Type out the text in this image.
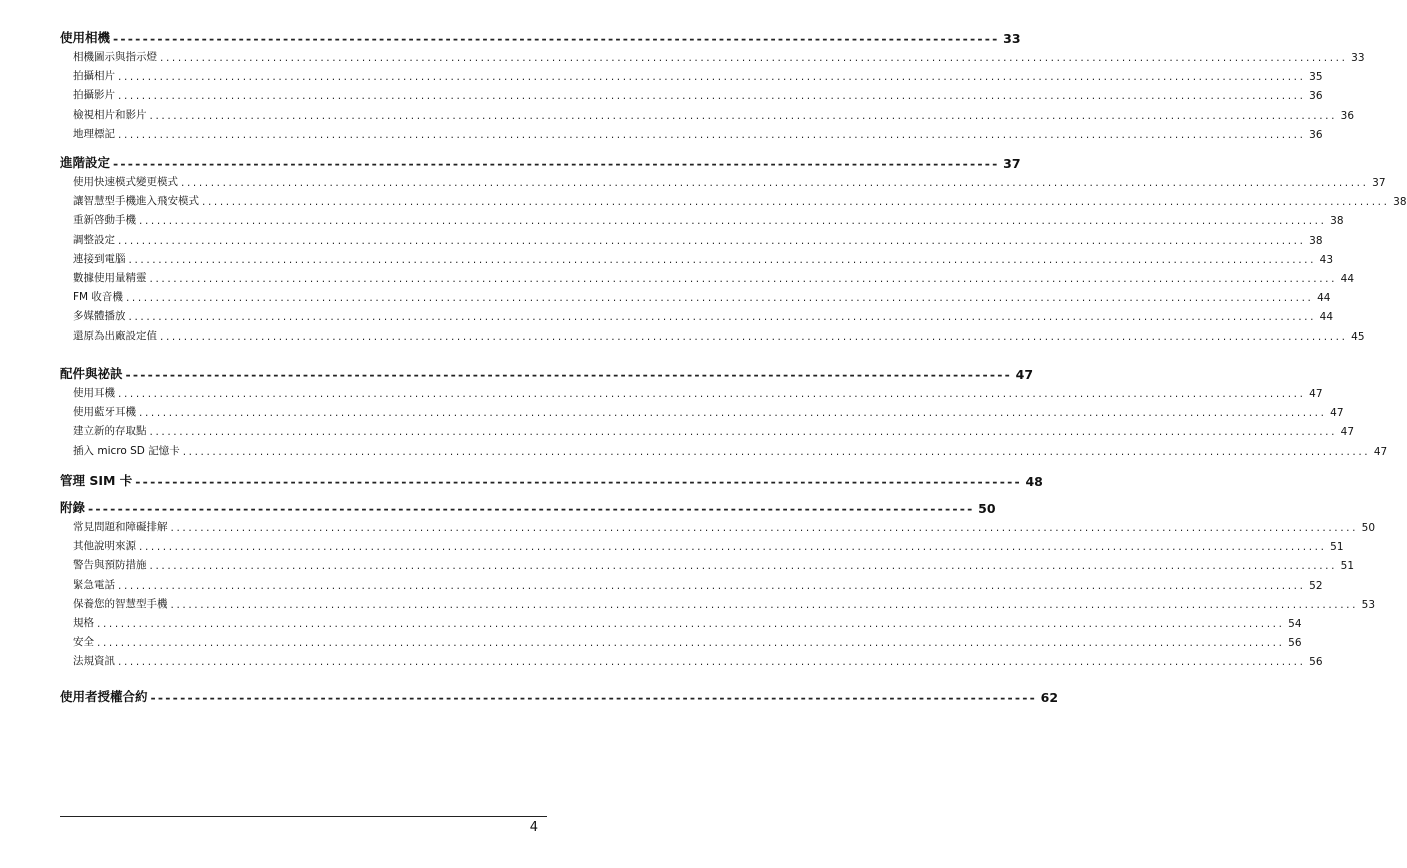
使用相機 ------------------------------------------------------------------------------------------------------------------------ 33
相機圖示與指示燈 ........................................................................................................................................................................................................ 33
拍攝相片 ........................................................................................................................................................................................................ 35
拍攝影片 ........................................................................................................................................................................................................ 36
檢視相片和影片 ........................................................................................................................................................................................................ 36
地理標記 ........................................................................................................................................................................................................ 36
進階設定 ------------------------------------------------------------------------------------------------------------------------ 37
使用快速模式變更模式 ........................................................................................................................................................................................................ 37
讓智慧型手機進入飛安模式 ........................................................................................................................................................................................................ 38
重新啓動手機 ........................................................................................................................................................................................................ 38
調整設定 ........................................................................................................................................................................................................ 38
連接到電腦 ........................................................................................................................................................................................................ 43
數據使用量精靈 ........................................................................................................................................................................................................ 44
FM 收音機 ........................................................................................................................................................................................................ 44
多媒體播放 ........................................................................................................................................................................................................ 44
還原為出廠設定值 ........................................................................................................................................................................................................ 45
配件與祕訣 ------------------------------------------------------------------------------------------------------------------------ 47
使用耳機 ........................................................................................................................................................................................................ 47
使用藍牙耳機 ........................................................................................................................................................................................................ 47
建立新的存取點 ........................................................................................................................................................................................................ 47
插入 micro SD 記憶卡 ........................................................................................................................................................................................................ 47
管理 SIM 卡 ------------------------------------------------------------------------------------------------------------------------ 48
附錄 ------------------------------------------------------------------------------------------------------------------------ 50
常見問題和障礙排解 ........................................................................................................................................................................................................ 50
其他說明來源 ........................................................................................................................................................................................................ 51
警告與預防措施 ........................................................................................................................................................................................................ 51
緊急電話 ........................................................................................................................................................................................................ 52
保養您的智慧型手機 ........................................................................................................................................................................................................ 53
規格 ........................................................................................................................................................................................................ 54
安全 ........................................................................................................................................................................................................ 56
法規資訊 ........................................................................................................................................................................................................ 56
使用者授權合約 ------------------------------------------------------------------------------------------------------------------------ 62
4
